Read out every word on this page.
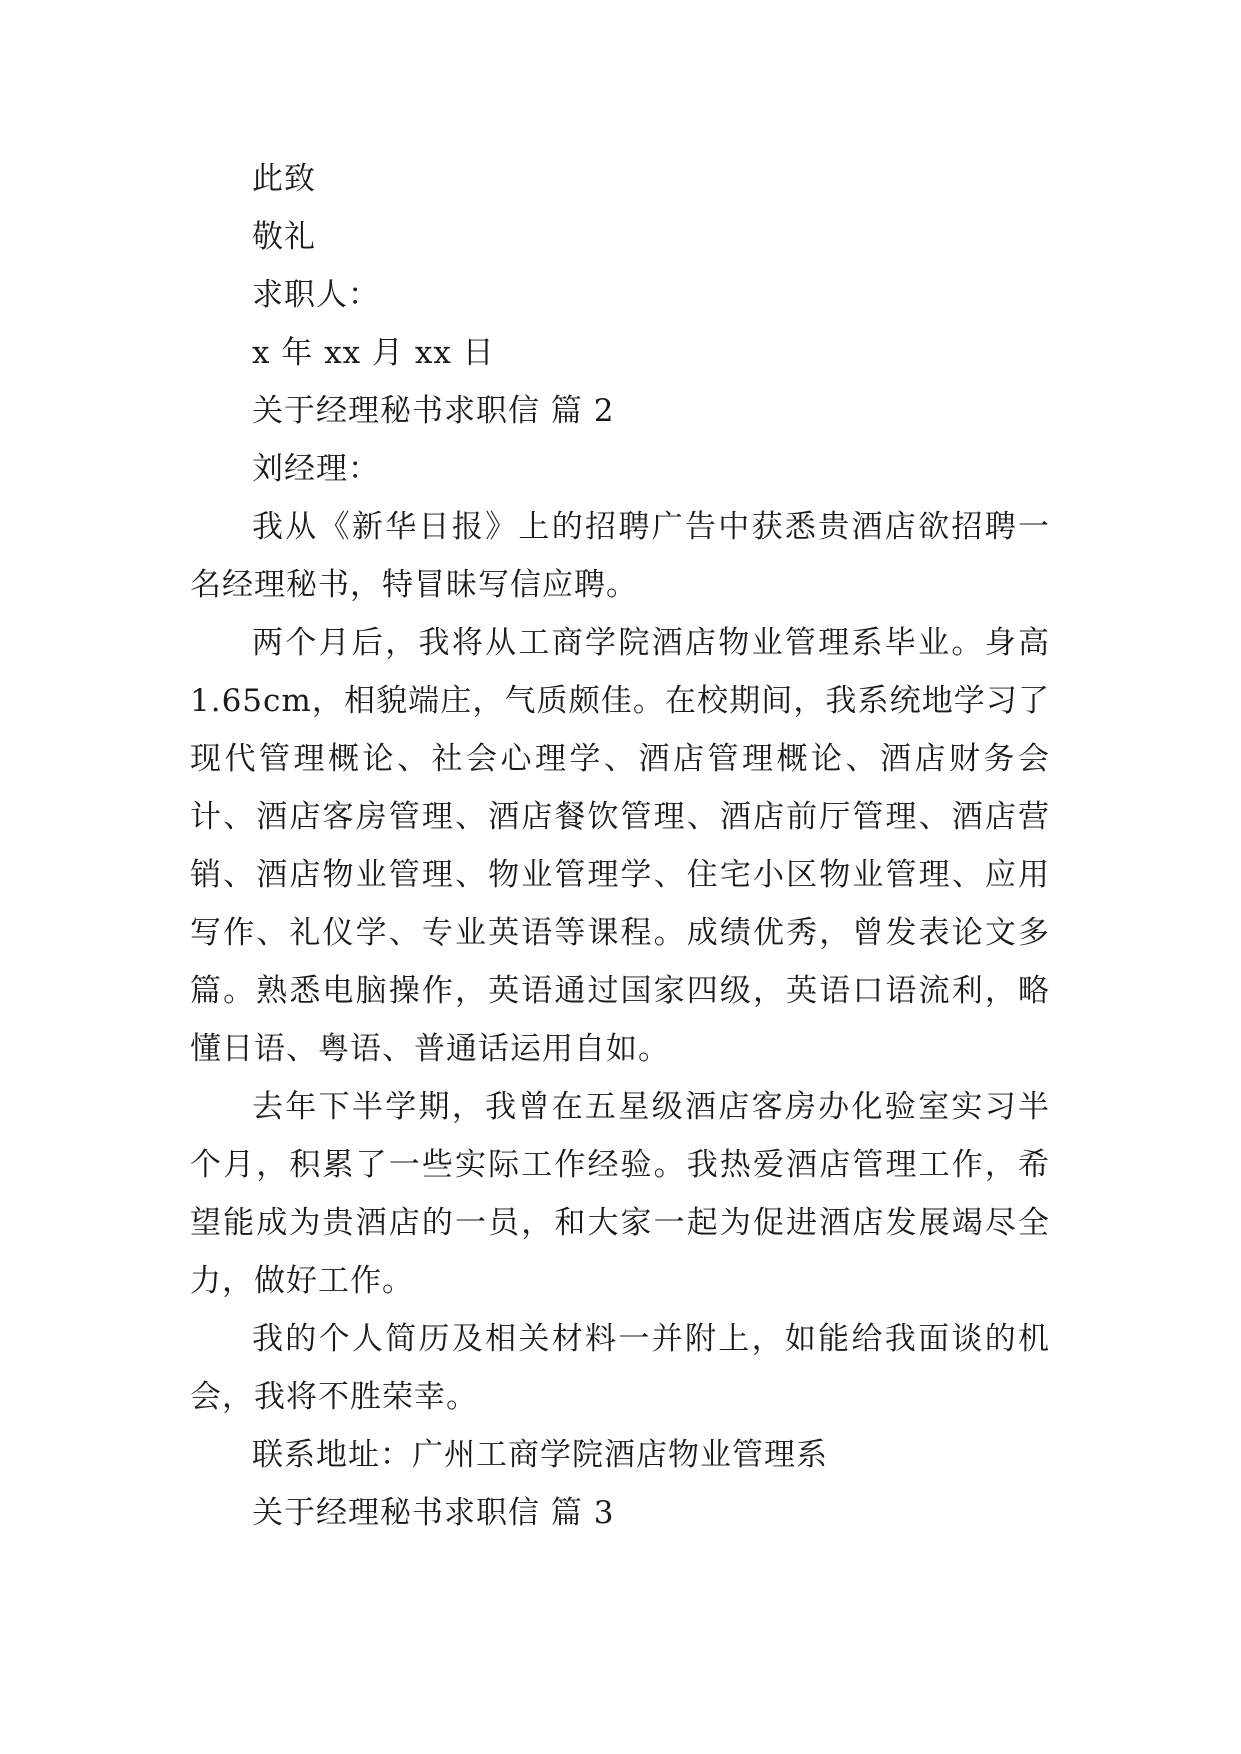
此致

敬礼

求职人：

x 年 xx 月 xx 日

关于经理秘书求职信 篇 2

刘经理：

我从《新华日报》上的招聘广告中获悉贵酒店欲招聘一名经理秘书，特冒昧写信应聘。

两个月后，我将从工商学院酒店物业管理系毕业。身高 1.65cm，相貌端庄，气质颇佳。在校期间，我系统地学习了现代管理概论、社会心理学、酒店管理概论、酒店财务会计、酒店客房管理、酒店餐饮管理、酒店前厅管理、酒店营销、酒店物业管理、物业管理学、住宅小区物业管理、应用写作、礼仪学、专业英语等课程。成绩优秀，曾发表论文多篇。熟悉电脑操作，英语通过国家四级，英语口语流利，略懂日语、粤语、普通话运用自如。

去年下半学期，我曾在五星级酒店客房办化验室实习半个月，积累了一些实际工作经验。我热爱酒店管理工作，希望能成为贵酒店的一员，和大家一起为促进酒店发展竭尽全力，做好工作。

我的个人简历及相关材料一并附上，如能给我面谈的机会，我将不胜荣幸。

联系地址：广州工商学院酒店物业管理系

关于经理秘书求职信 篇 3
